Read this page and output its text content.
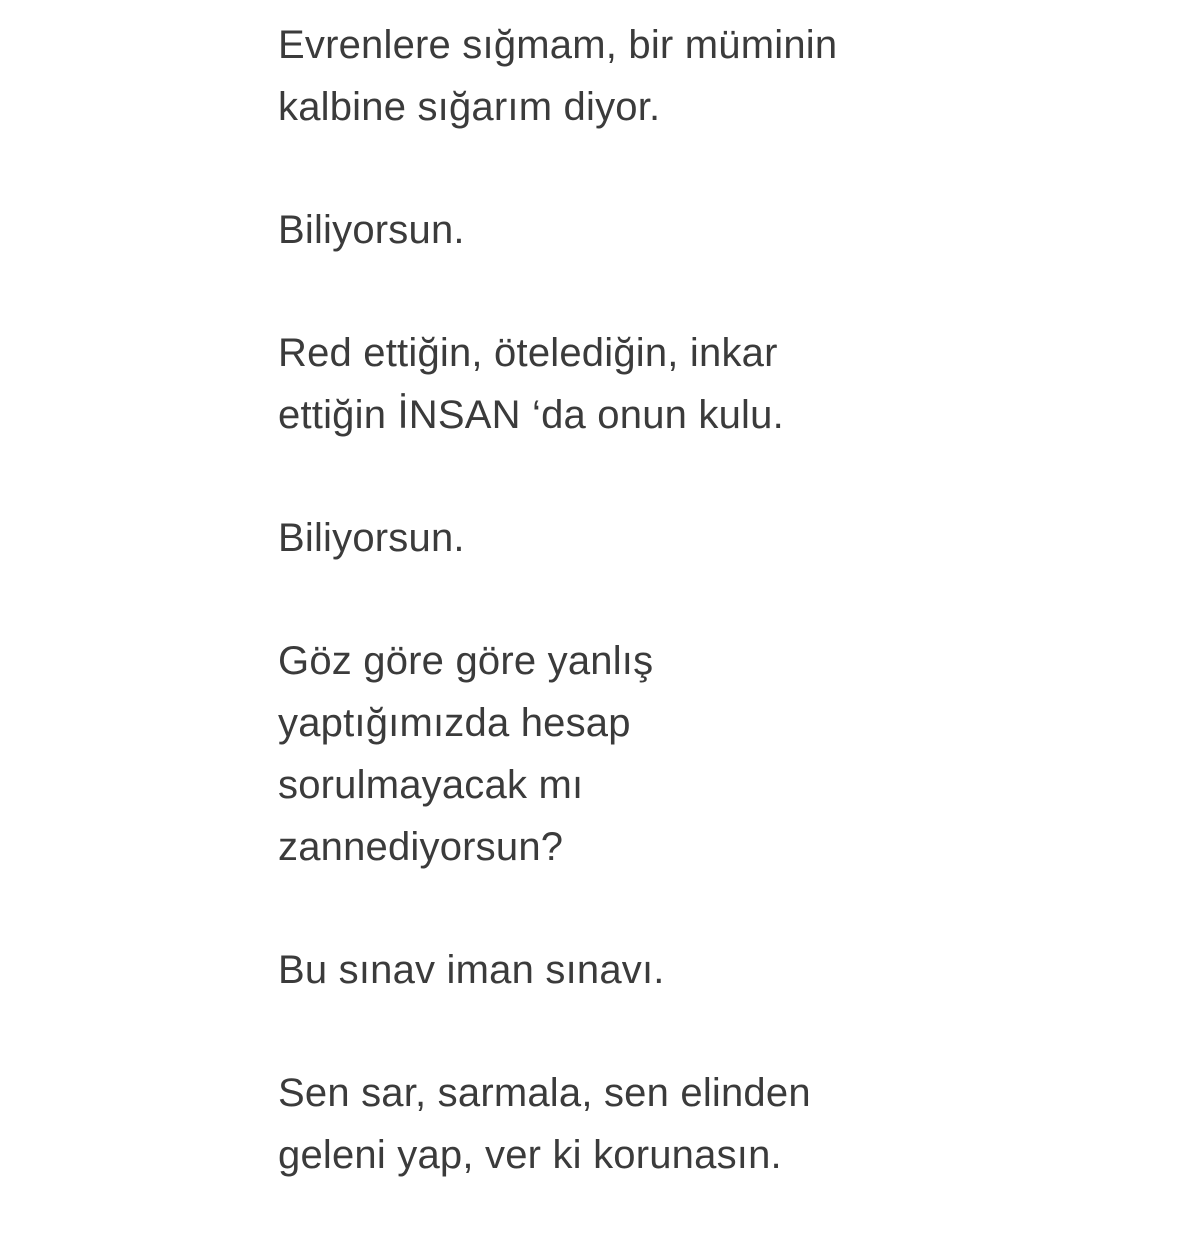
Evrenlere sığmam, bir müminin
kalbine sığarım diyor.

Biliyorsun.

Red ettiğin, ötelediğin, inkar
ettiğin İNSAN ‘da onun kulu.

Biliyorsun.

Göz göre göre yanlış
yaptığımızda hesap
sorulmayacak mı
zannediyorsun?

Bu sınav iman sınavı.

Sen sar, sarmala, sen elinden
geleni yap, ver ki korunasın.
